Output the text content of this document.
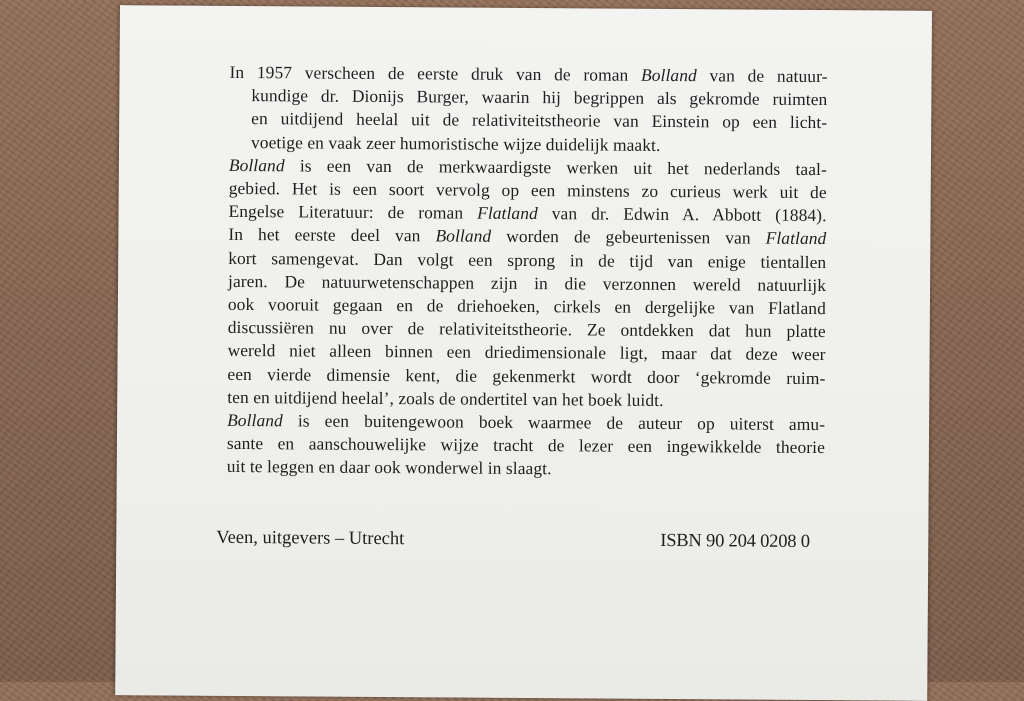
In 1957 verscheen de eerste druk van de roman Bolland van de natuur-
kundige dr. Dionijs Burger, waarin hij begrippen als gekromde ruimten
en uitdijend heelal uit de relativiteitstheorie van Einstein op een licht-
voetige en vaak zeer humoristische wijze duidelijk maakt.
Bolland is een van de merkwaardigste werken uit het nederlands taal-
gebied. Het is een soort vervolg op een minstens zo curieus werk uit de
Engelse Literatuur: de roman Flatland van dr. Edwin A. Abbott (1884).
In het eerste deel van Bolland worden de gebeurtenissen van Flatland
kort samengevat. Dan volgt een sprong in de tijd van enige tientallen
jaren. De natuurwetenschappen zijn in die verzonnen wereld natuurlijk
ook vooruit gegaan en de driehoeken, cirkels en dergelijke van Flatland
discussiëren nu over de relativiteitstheorie. Ze ontdekken dat hun platte
wereld niet alleen binnen een driedimensionale ligt, maar dat deze weer
een vierde dimensie kent, die gekenmerkt wordt door ‘gekromde ruim-
ten en uitdijend heelal’, zoals de ondertitel van het boek luidt.
Bolland is een buitengewoon boek waarmee de auteur op uiterst amu-
sante en aanschouwelijke wijze tracht de lezer een ingewikkelde theorie
uit te leggen en daar ook wonderwel in slaagt.
Veen, uitgevers – Utrecht	ISBN 90 204 0208 0
